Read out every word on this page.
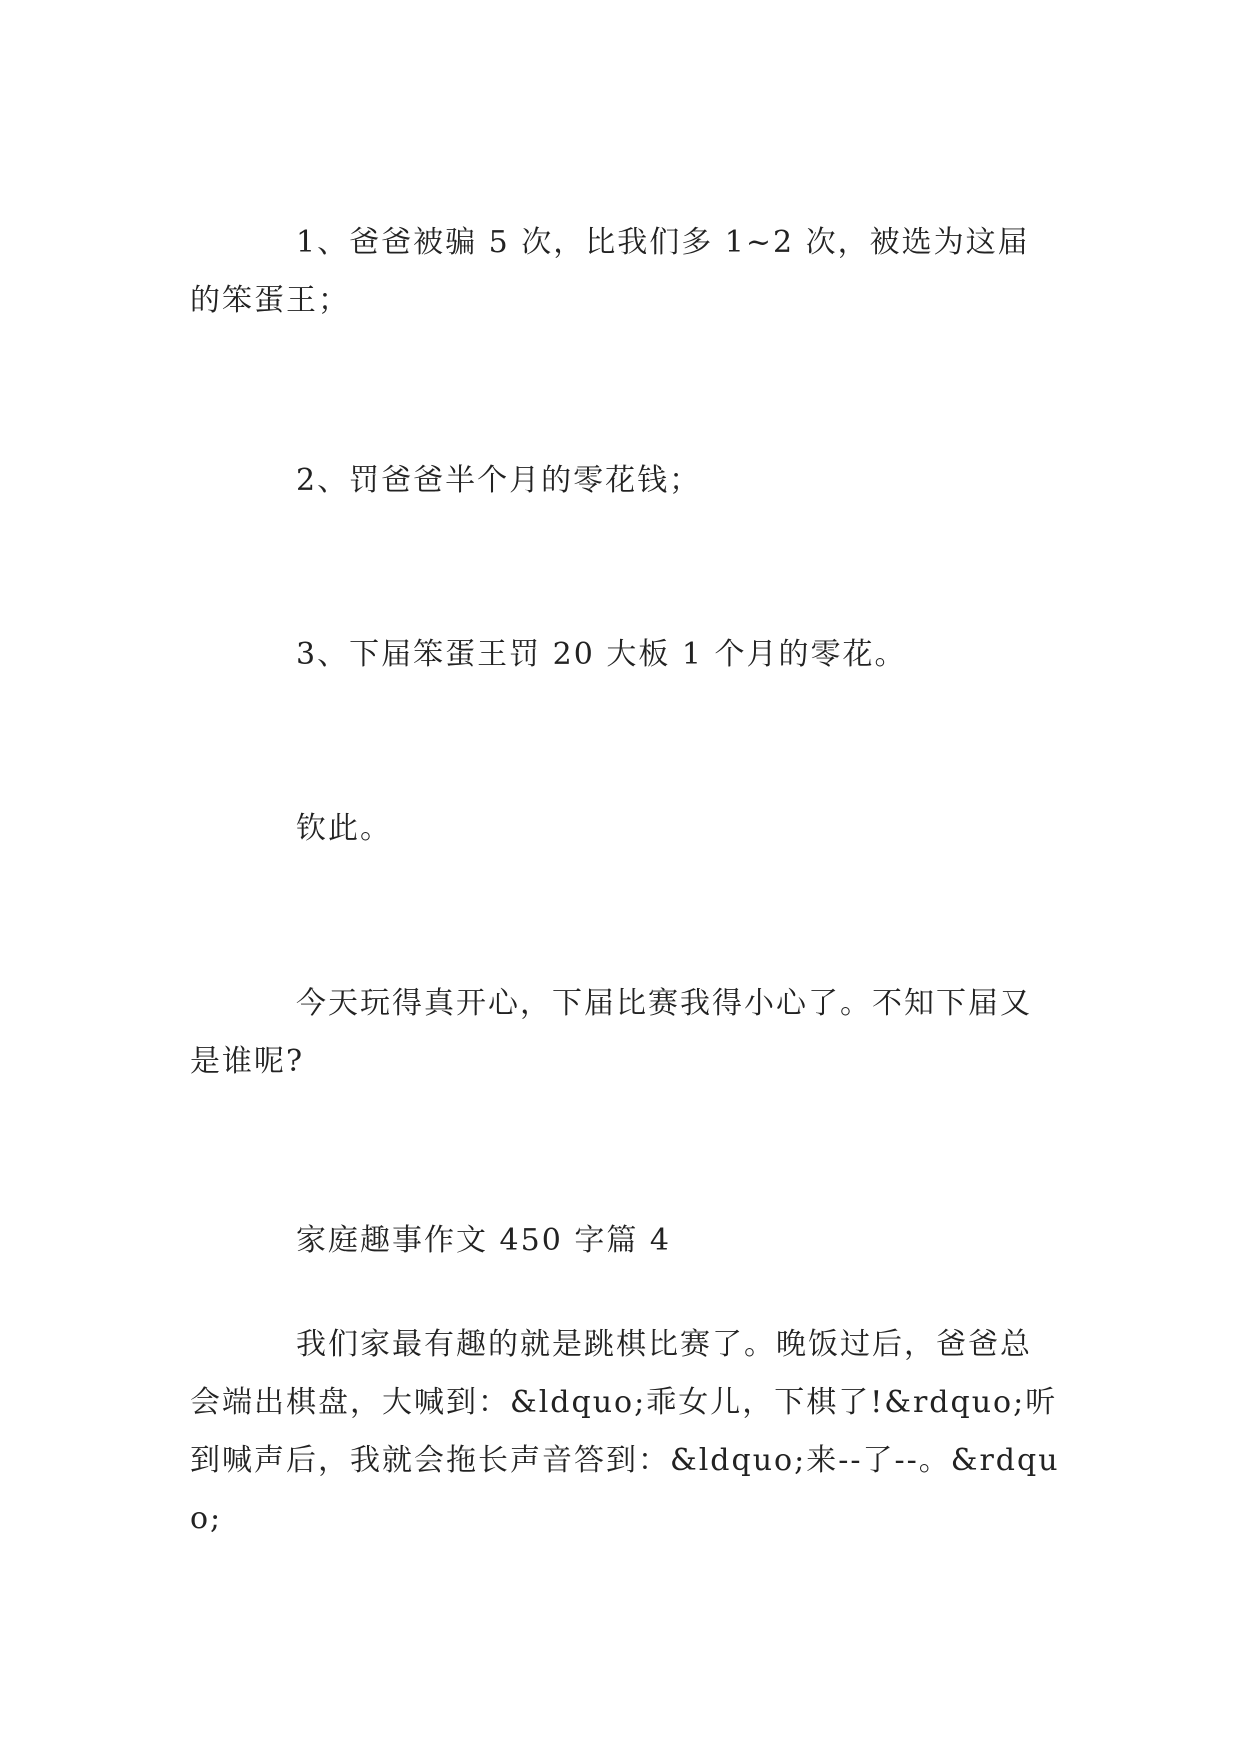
1、爸爸被骗 5 次，比我们多 1~2 次，被选为这届的笨蛋王；

2、罚爸爸半个月的零花钱；

3、下届笨蛋王罚 20 大板 1 个月的零花。

钦此。

今天玩得真开心，下届比赛我得小心了。不知下届又是谁呢?

家庭趣事作文 450 字篇 4

我们家最有趣的就是跳棋比赛了。晚饭过后，爸爸总会端出棋盘，大喊到：&ldquo;乖女儿，下棋了!&rdquo;听到喊声后，我就会拖长声音答到：&ldquo;来--了--。&rdquo;
